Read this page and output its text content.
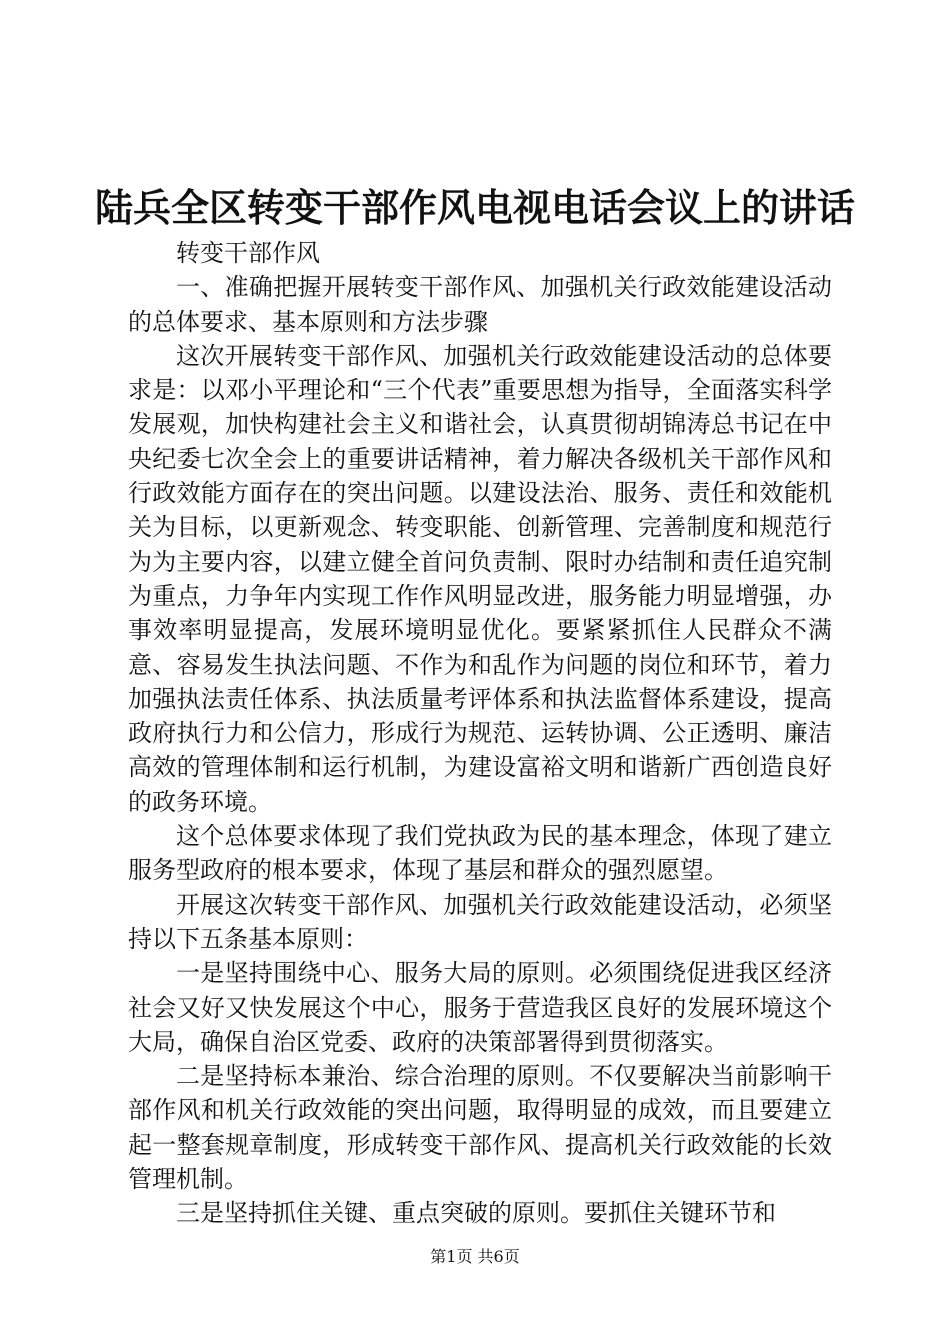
陆兵全区转变干部作风电视电话会议上的讲话

转变干部作风

一、准确把握开展转变干部作风、加强机关行政效能建设活动的总体要求、基本原则和方法步骤

这次开展转变干部作风、加强机关行政效能建设活动的总体要求是：以邓小平理论和“三个代表”重要思想为指导，全面落实科学发展观，加快构建社会主义和谐社会，认真贯彻胡锦涛总书记在中央纪委七次全会上的重要讲话精神，着力解决各级机关干部作风和行政效能方面存在的突出问题。以建设法治、服务、责任和效能机关为目标，以更新观念、转变职能、创新管理、完善制度和规范行为为主要内容，以建立健全首问负责制、限时办结制和责任追究制为重点，力争年内实现工作作风明显改进，服务能力明显增强，办事效率明显提高，发展环境明显优化。要紧紧抓住人民群众不满意、容易发生执法问题、不作为和乱作为问题的岗位和环节，着力加强执法责任体系、执法质量考评体系和执法监督体系建设，提高政府执行力和公信力，形成行为规范、运转协调、公正透明、廉洁高效的管理体制和运行机制，为建设富裕文明和谐新广西创造良好的政务环境。

这个总体要求体现了我们党执政为民的基本理念，体现了建立服务型政府的根本要求，体现了基层和群众的强烈愿望。

开展这次转变干部作风、加强机关行政效能建设活动，必须坚持以下五条基本原则：

一是坚持围绕中心、服务大局的原则。必须围绕促进我区经济社会又好又快发展这个中心，服务于营造我区良好的发展环境这个大局，确保自治区党委、政府的决策部署得到贯彻落实。

二是坚持标本兼治、综合治理的原则。不仅要解决当前影响干部作风和机关行政效能的突出问题，取得明显的成效，而且要建立起一整套规章制度，形成转变干部作风、提高机关行政效能的长效管理机制。

三是坚持抓住关键、重点突破的原则。要抓住关键环节和

第1页 共6页
